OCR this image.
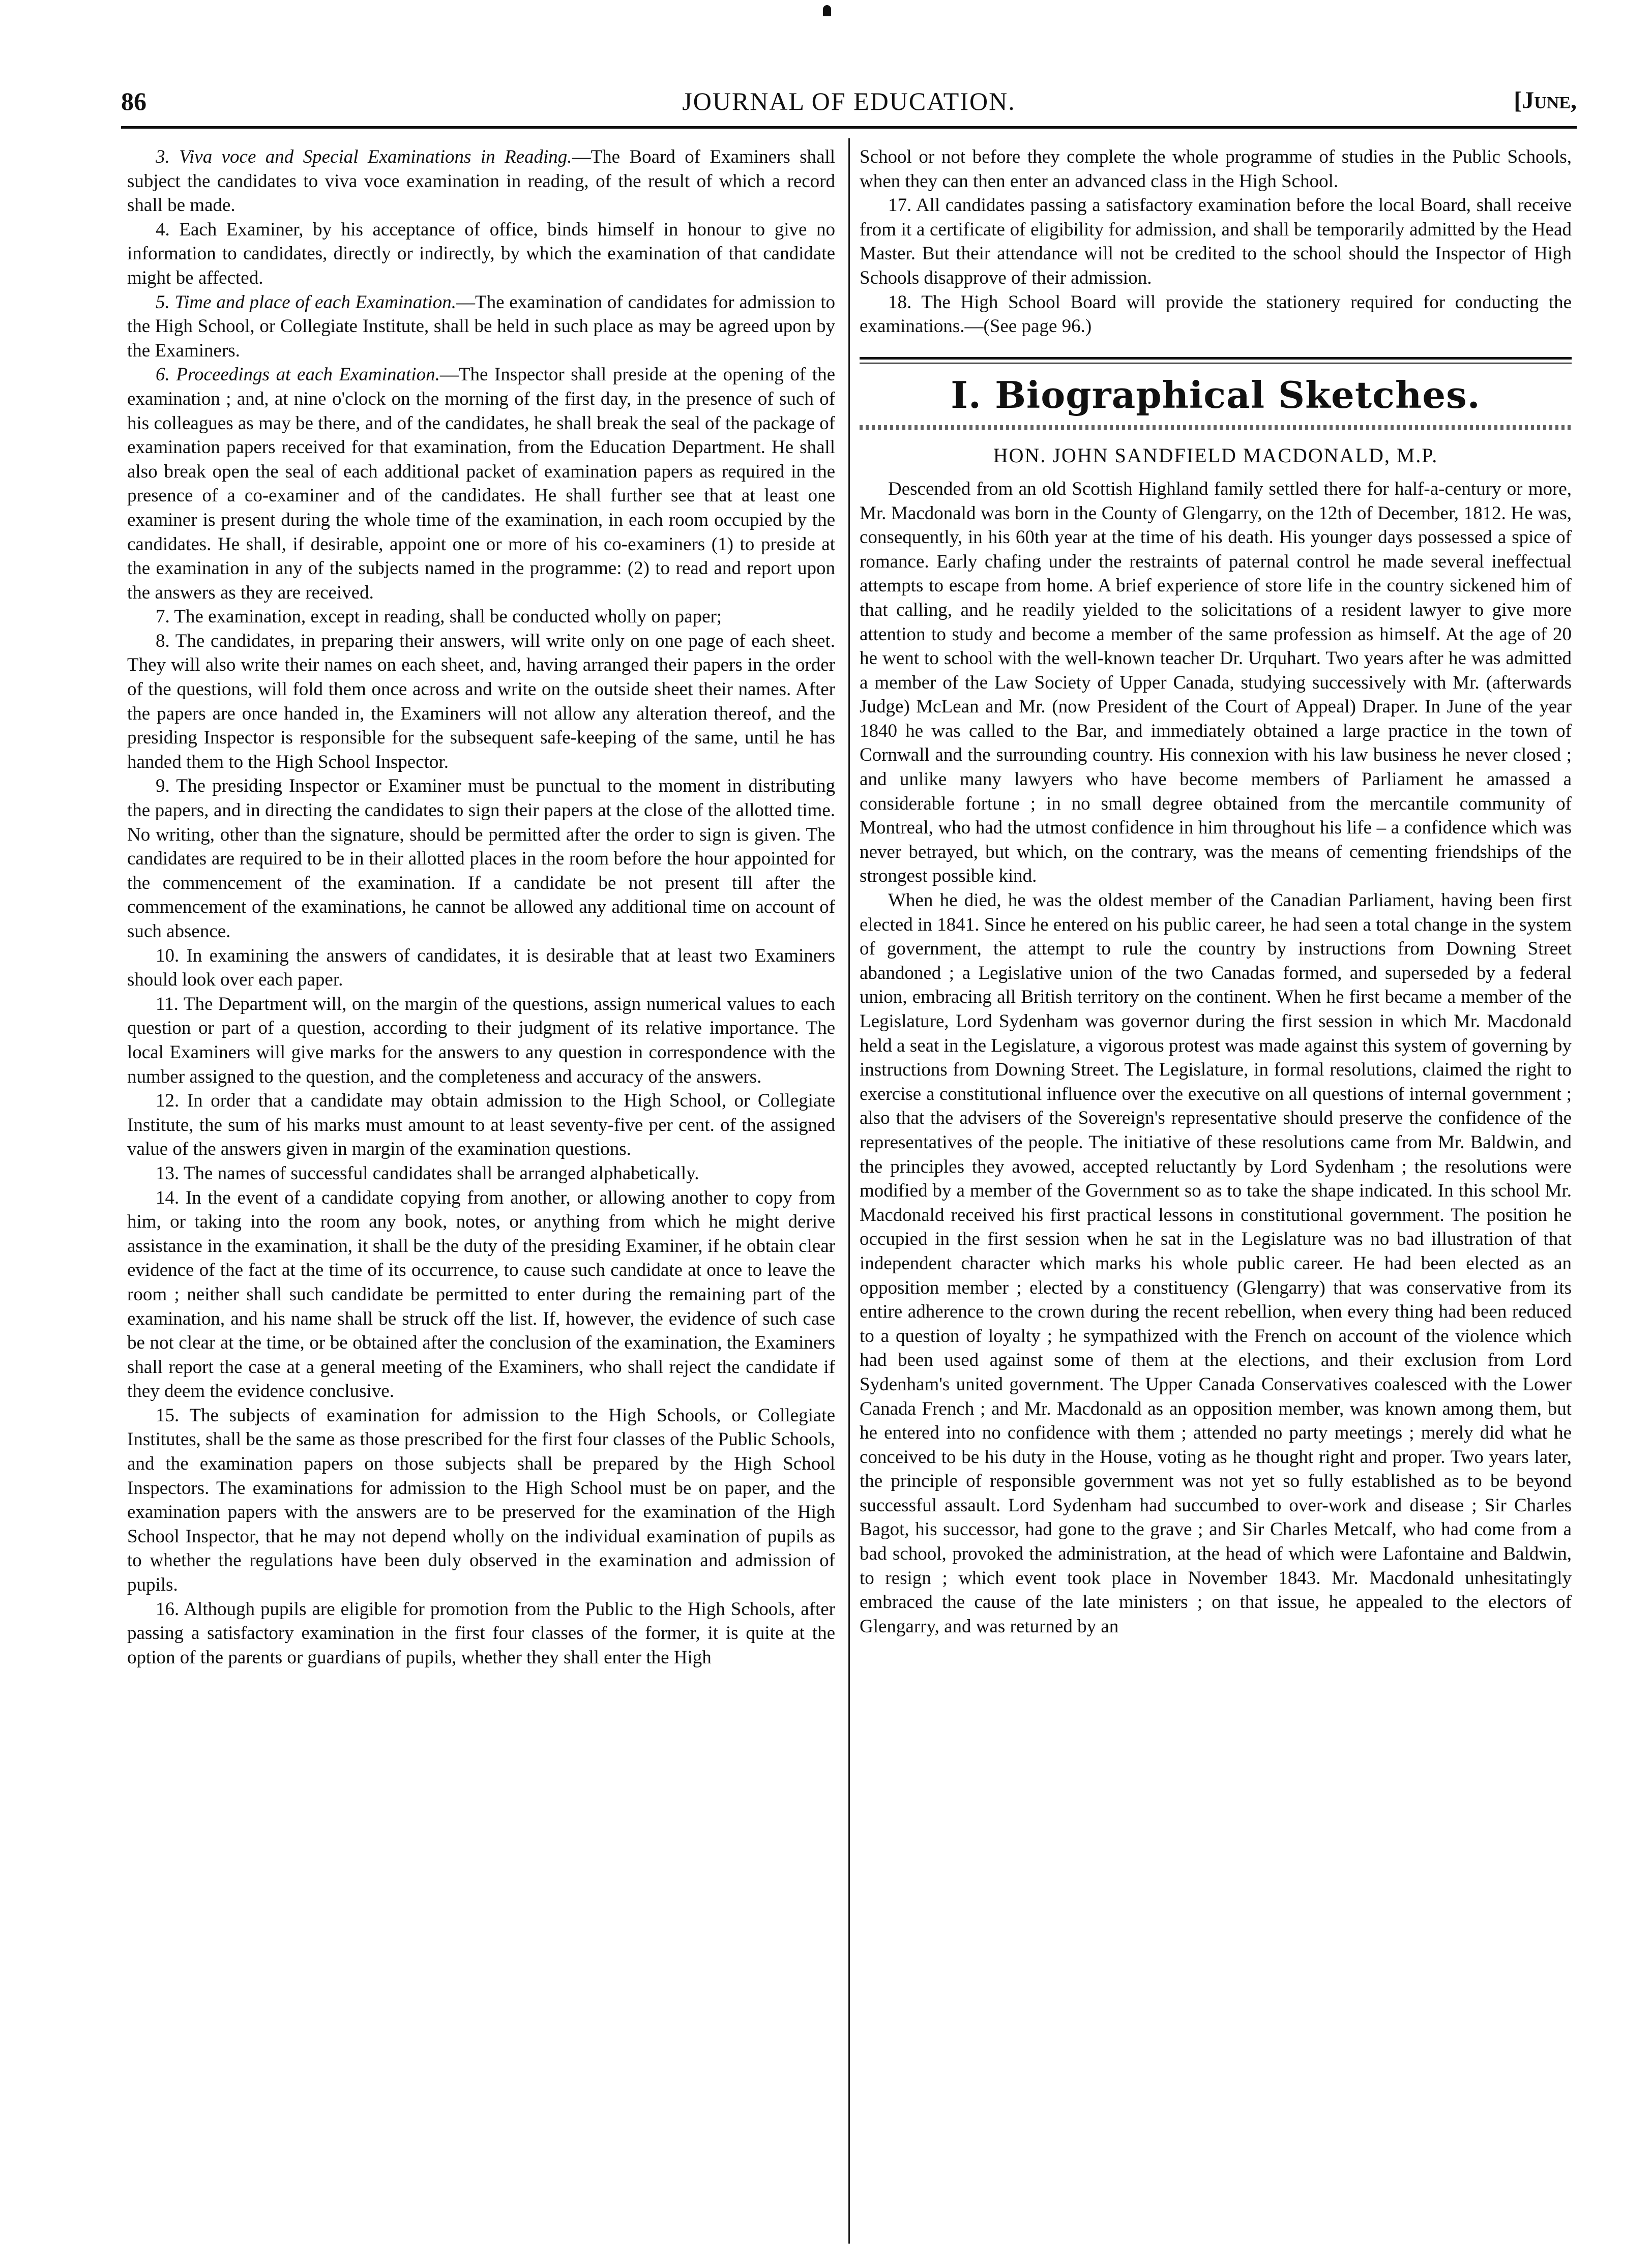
86	JOURNAL OF EDUCATION.	[June,

3. Viva voce and Special Examinations in Reading.—The Board of Examiners shall subject the candidates to viva voce examination in reading, of the result of which a record shall be made.

4. Each Examiner, by his acceptance of office, binds himself in honour to give no information to candidates, directly or indirectly, by which the examination of that candidate might be affected.

5. Time and place of each Examination.—The examination of candidates for admission to the High School, or Collegiate Institute, shall be held in such place as may be agreed upon by the Examiners.

6. Proceedings at each Examination.—The Inspector shall preside at the opening of the examination ; and, at nine o'clock on the morning of the first day, in the presence of such of his colleagues as may be there, and of the candidates, he shall break the seal of the package of examination papers received for that examination, from the Education Department. He shall also break open the seal of each additional packet of examination papers as required in the presence of a co-examiner and of the candidates. He shall further see that at least one examiner is present during the whole time of the examination, in each room occupied by the candidates. He shall, if desirable, appoint one or more of his co-examiners (1) to preside at the examination in any of the subjects named in the programme: (2) to read and report upon the answers as they are received.

7. The examination, except in reading, shall be conducted wholly on paper;

8. The candidates, in preparing their answers, will write only on one page of each sheet. They will also write their names on each sheet, and, having arranged their papers in the order of the questions, will fold them once across and write on the outside sheet their names. After the papers are once handed in, the Examiners will not allow any alteration thereof, and the presiding Inspector is responsible for the subsequent safe-keeping of the same, until he has handed them to the High School Inspector.

9. The presiding Inspector or Examiner must be punctual to the moment in distributing the papers, and in directing the candidates to sign their papers at the close of the allotted time. No writing, other than the signature, should be permitted after the order to sign is given. The candidates are required to be in their allotted places in the room before the hour appointed for the commencement of the examination. If a candidate be not present till after the commencement of the examinations, he cannot be allowed any additional time on account of such absence.

10. In examining the answers of candidates, it is desirable that at least two Examiners should look over each paper.

11. The Department will, on the margin of the questions, assign numerical values to each question or part of a question, according to their judgment of its relative importance. The local Examiners will give marks for the answers to any question in correspondence with the number assigned to the question, and the completeness and accuracy of the answers.

12. In order that a candidate may obtain admission to the High School, or Collegiate Institute, the sum of his marks must amount to at least seventy-five per cent. of the assigned value of the answers given in margin of the examination questions.

13. The names of successful candidates shall be arranged alphabetically.

14. In the event of a candidate copying from another, or allowing another to copy from him, or taking into the room any book, notes, or anything from which he might derive assistance in the examination, it shall be the duty of the presiding Examiner, if he obtain clear evidence of the fact at the time of its occurrence, to cause such candidate at once to leave the room ; neither shall such candidate be permitted to enter during the remaining part of the examination, and his name shall be struck off the list. If, however, the evidence of such case be not clear at the time, or be obtained after the conclusion of the examination, the Examiners shall report the case at a general meeting of the Examiners, who shall reject the candidate if they deem the evidence conclusive.

15. The subjects of examination for admission to the High Schools, or Collegiate Institutes, shall be the same as those prescribed for the first four classes of the Public Schools, and the examination papers on those subjects shall be prepared by the High School Inspectors. The examinations for admission to the High School must be on paper, and the examination papers with the answers are to be preserved for the examination of the High School Inspector, that he may not depend wholly on the individual examination of pupils as to whether the regulations have been duly observed in the examination and admission of pupils.

16. Although pupils are eligible for promotion from the Public to the High Schools, after passing a satisfactory examination in the first four classes of the former, it is quite at the option of the parents or guardians of pupils, whether they shall enter the High

School or not before they complete the whole programme of studies in the Public Schools, when they can then enter an advanced class in the High School.

17. All candidates passing a satisfactory examination before the local Board, shall receive from it a certificate of eligibility for admission, and shall be temporarily admitted by the Head Master. But their attendance will not be credited to the school should the Inspector of High Schools disapprove of their admission.

18. The High School Board will provide the stationery required for conducting the examinations.—(See page 96.)

I. Biographical Sketches.
HON. JOHN SANDFIELD MACDONALD, M.P.

Descended from an old Scottish Highland family settled there for half-a-century or more, Mr. Macdonald was born in the County of Glengarry, on the 12th of December, 1812. He was, consequently, in his 60th year at the time of his death. His younger days possessed a spice of romance. Early chafing under the restraints of paternal control he made several ineffectual attempts to escape from home. A brief experience of store life in the country sickened him of that calling, and he readily yielded to the solicitations of a resident lawyer to give more attention to study and become a member of the same profession as himself. At the age of 20 he went to school with the well-known teacher Dr. Urquhart. Two years after he was admitted a member of the Law Society of Upper Canada, studying successively with Mr. (afterwards Judge) McLean and Mr. (now President of the Court of Appeal) Draper. In June of the year 1840 he was called to the Bar, and immediately obtained a large practice in the town of Cornwall and the surrounding country. His connexion with his law business he never closed ; and unlike many lawyers who have become members of Parliament he amassed a considerable fortune ; in no small degree obtained from the mercantile community of Montreal, who had the utmost confidence in him throughout his life – a confidence which was never betrayed, but which, on the contrary, was the means of cementing friendships of the strongest possible kind.

When he died, he was the oldest member of the Canadian Parliament, having been first elected in 1841. Since he entered on his public career, he had seen a total change in the system of government, the attempt to rule the country by instructions from Downing Street abandoned ; a Legislative union of the two Canadas formed, and superseded by a federal union, embracing all British territory on the continent. When he first became a member of the Legislature, Lord Sydenham was governor during the first session in which Mr. Macdonald held a seat in the Legislature, a vigorous protest was made against this system of governing by instructions from Downing Street. The Legislature, in formal resolutions, claimed the right to exercise a constitutional influence over the executive on all questions of internal government ; also that the advisers of the Sovereign's representative should preserve the confidence of the representatives of the people. The initiative of these resolutions came from Mr. Baldwin, and the principles they avowed, accepted reluctantly by Lord Sydenham ; the resolutions were modified by a member of the Government so as to take the shape indicated. In this school Mr. Macdonald received his first practical lessons in constitutional government. The position he occupied in the first session when he sat in the Legislature was no bad illustration of that independent character which marks his whole public career. He had been elected as an opposition member ; elected by a constituency (Glengarry) that was conservative from its entire adherence to the crown during the recent rebellion, when every thing had been reduced to a question of loyalty ; he sympathized with the French on account of the violence which had been used against some of them at the elections, and their exclusion from Lord Sydenham's united government. The Upper Canada Conservatives coalesced with the Lower Canada French ; and Mr. Macdonald as an opposition member, was known among them, but he entered into no confidence with them ; attended no party meetings ; merely did what he conceived to be his duty in the House, voting as he thought right and proper. Two years later, the principle of responsible government was not yet so fully established as to be beyond successful assault. Lord Sydenham had succumbed to over-work and disease ; Sir Charles Bagot, his successor, had gone to the grave ; and Sir Charles Metcalf, who had come from a bad school, provoked the administration, at the head of which were Lafontaine and Baldwin, to resign ; which event took place in November 1843. Mr. Macdonald unhesitatingly embraced the cause of the late ministers ; on that issue, he appealed to the electors of Glengarry, and was returned by an
